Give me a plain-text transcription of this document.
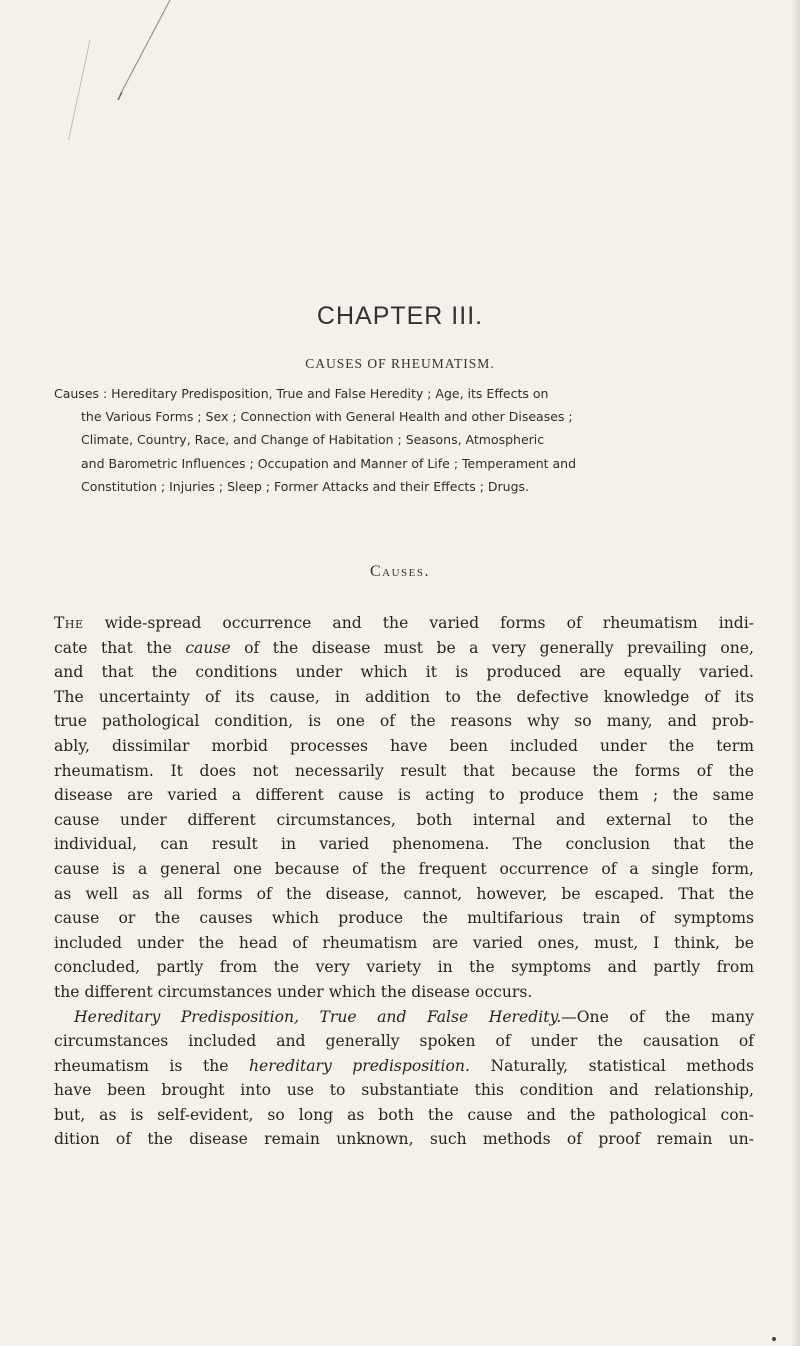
CHAPTER III.
CAUSES OF RHEUMATISM.
Causes : Hereditary Predisposition, True and False Heredity ; Age, its Effects on
the Various Forms ; Sex ; Connection with General Health and other Diseases ;
Climate, Country, Race, and Change of Habitation ; Seasons, Atmospheric
and Barometric Influences ; Occupation and Manner of Life ; Temperament and
Constitution ; Injuries ; Sleep ; Former Attacks and their Effects ; Drugs.
Causes.
The wide-spread occurrence and the varied forms of rheumatism indi-
cate that the cause of the disease must be a very generally prevailing one,
and that the conditions under which it is produced are equally varied.
The uncertainty of its cause, in addition to the defective knowledge of its
true pathological condition, is one of the reasons why so many, and prob-
ably, dissimilar morbid processes have been included under the term
rheumatism. It does not necessarily result that because the forms of the
disease are varied a different cause is acting to produce them ; the same
cause under different circumstances, both internal and external to the
individual, can result in varied phenomena. The conclusion that the
cause is a general one because of the frequent occurrence of a single form,
as well as all forms of the disease, cannot, however, be escaped. That the
cause or the causes which produce the multifarious train of symptoms
included under the head of rheumatism are varied ones, must, I think, be
concluded, partly from the very variety in the symptoms and partly from
the different circumstances under which the disease occurs.
Hereditary Predisposition, True and False Heredity.—One of the many
circumstances included and generally spoken of under the causation of
rheumatism is the hereditary predisposition. Naturally, statistical methods
have been brought into use to substantiate this condition and relationship,
but, as is self-evident, so long as both the cause and the pathological con-
dition of the disease remain unknown, such methods of proof remain un-
